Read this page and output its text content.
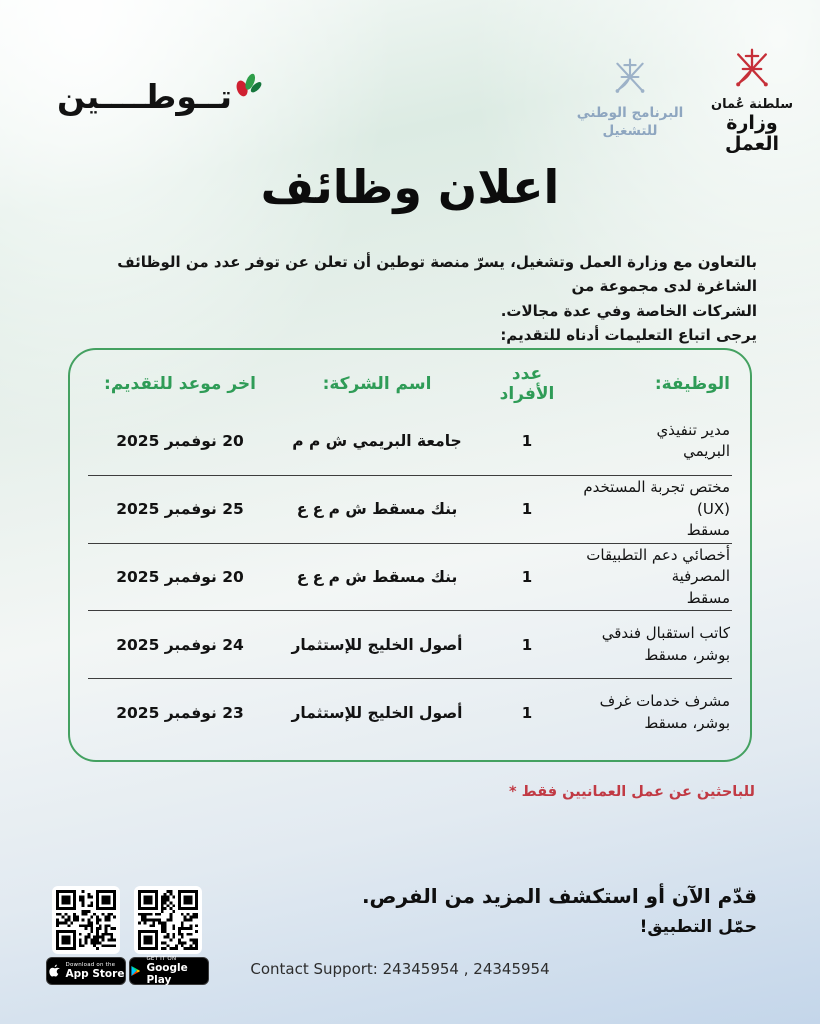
تــوطــــين	البرنامج الوطني
للتشغيل
سلطنة عُمان
وزارة العمل
اعلان وظائف
بالتعاون مع وزارة العمل وتشغيل، يسرّ منصة توطين أن تعلن عن توفر عدد من الوظائف الشاغرة لدى مجموعة من
الشركات الخاصة وفي عدة مجالات.
يرجى اتباع التعليمات أدناه للتقديم:
الوظيفة:
عدد الأفراد
اسم الشركة:
اخر موعد للتقديم:
مدير تنفيذي
البريمي
1
جامعة البريمي ش م م
20 نوفمبر 2025
مختص تجربة المستخدم (UX)
مسقط
1
بنك مسقط ش م ع ع
25 نوفمبر 2025
أخصائي دعم التطبيقات المصرفية
مسقط
1
بنك مسقط ش م ع ع
20 نوفمبر 2025
كاتب استقبال فندقي
بوشر، مسقط
1
أصول الخليج للإستثمار
24 نوفمبر 2025
مشرف خدمات غرف
بوشر، مسقط
1
أصول الخليج للإستثمار
23 نوفمبر 2025
للباحثين عن عمل العمانيين فقط *
قدّم الآن أو استكشف المزيد من الفرص.
حمّل التطبيق!
Download on the
App Store
GET IT ON
Google Play
Contact Support: 24345954 , 24345954
